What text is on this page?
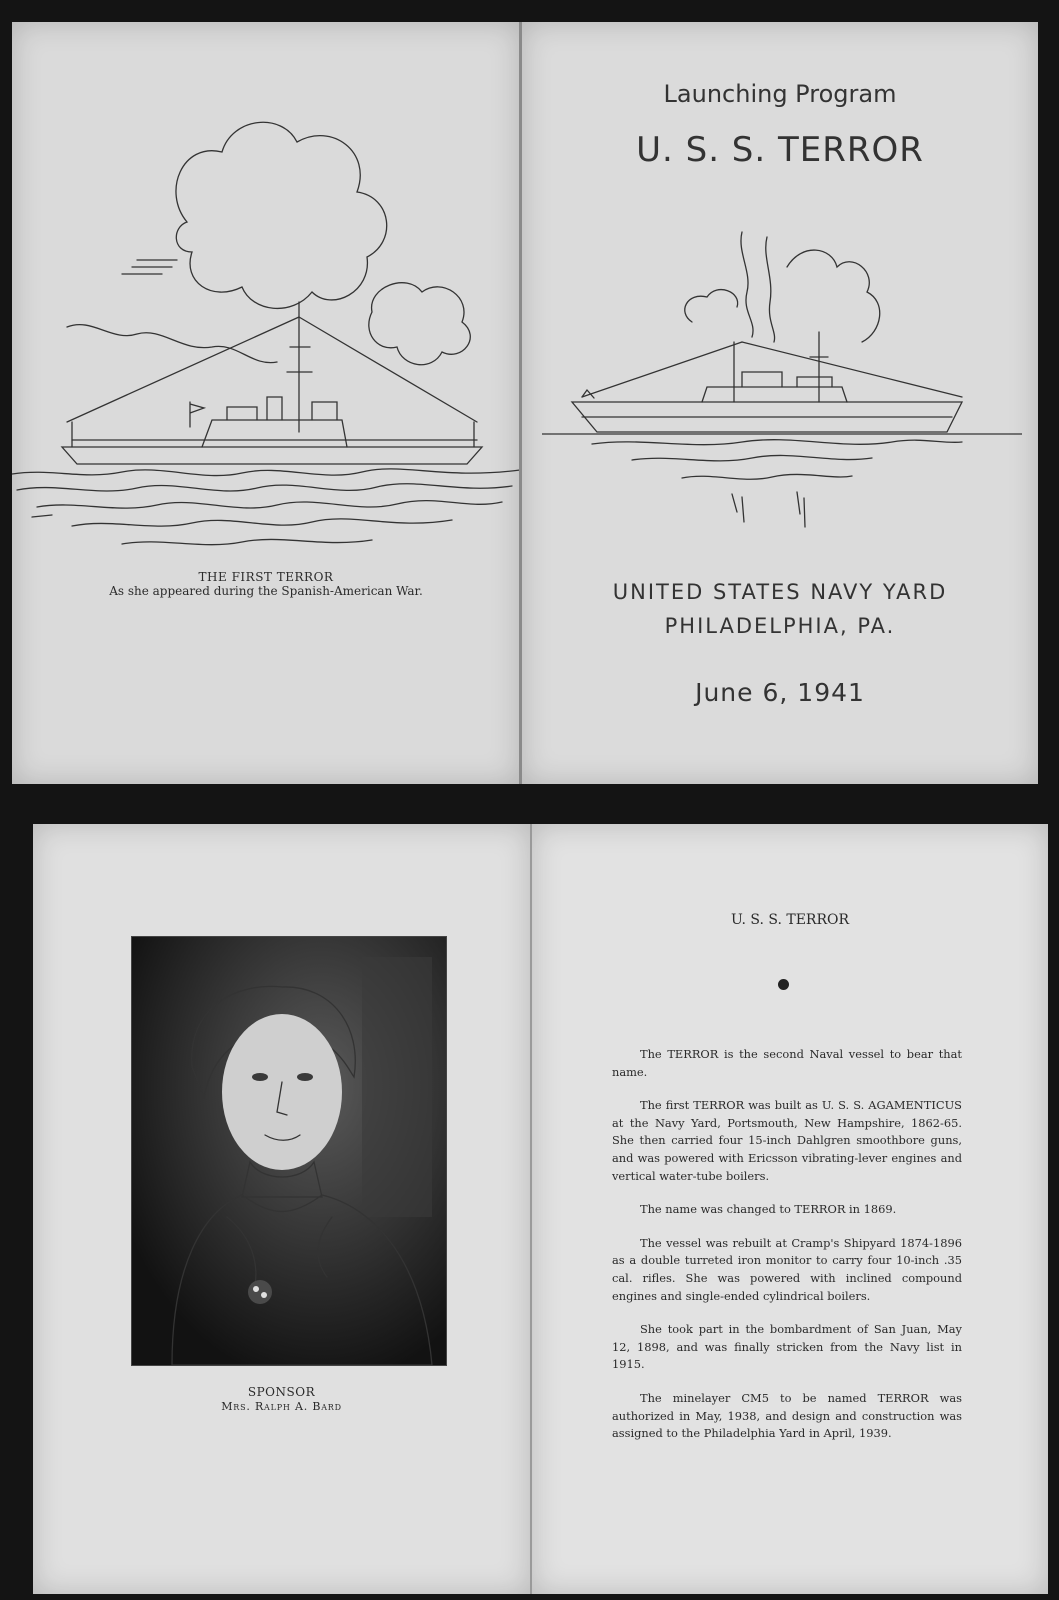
THE FIRST TERROR
As she appeared during the Spanish-American War.
Launching Program
U. S. S. TERROR
UNITED STATES NAVY YARD
PHILADELPHIA, PA.
June 6, 1941
SPONSOR
Mrs. Ralph A. Bard
U. S. S. TERROR

The TERROR is the second Naval vessel to bear that name.

The first TERROR was built as U. S. S. AGAMENTICUS at the Navy Yard, Portsmouth, New Hampshire, 1862-65. She then carried four 15-inch Dahlgren smoothbore guns, and was powered with Ericsson vibrating-lever engines and vertical water-tube boilers.

The name was changed to TERROR in 1869.

The vessel was rebuilt at Cramp's Shipyard 1874-1896 as a double turreted iron monitor to carry four 10-inch .35 cal. rifles. She was powered with inclined compound engines and single-ended cylindrical boilers.

She took part in the bombardment of San Juan, May 12, 1898, and was finally stricken from the Navy list in 1915.

The minelayer CM5 to be named TERROR was authorized in May, 1938, and design and construction was assigned to the Philadelphia Yard in April, 1939.
